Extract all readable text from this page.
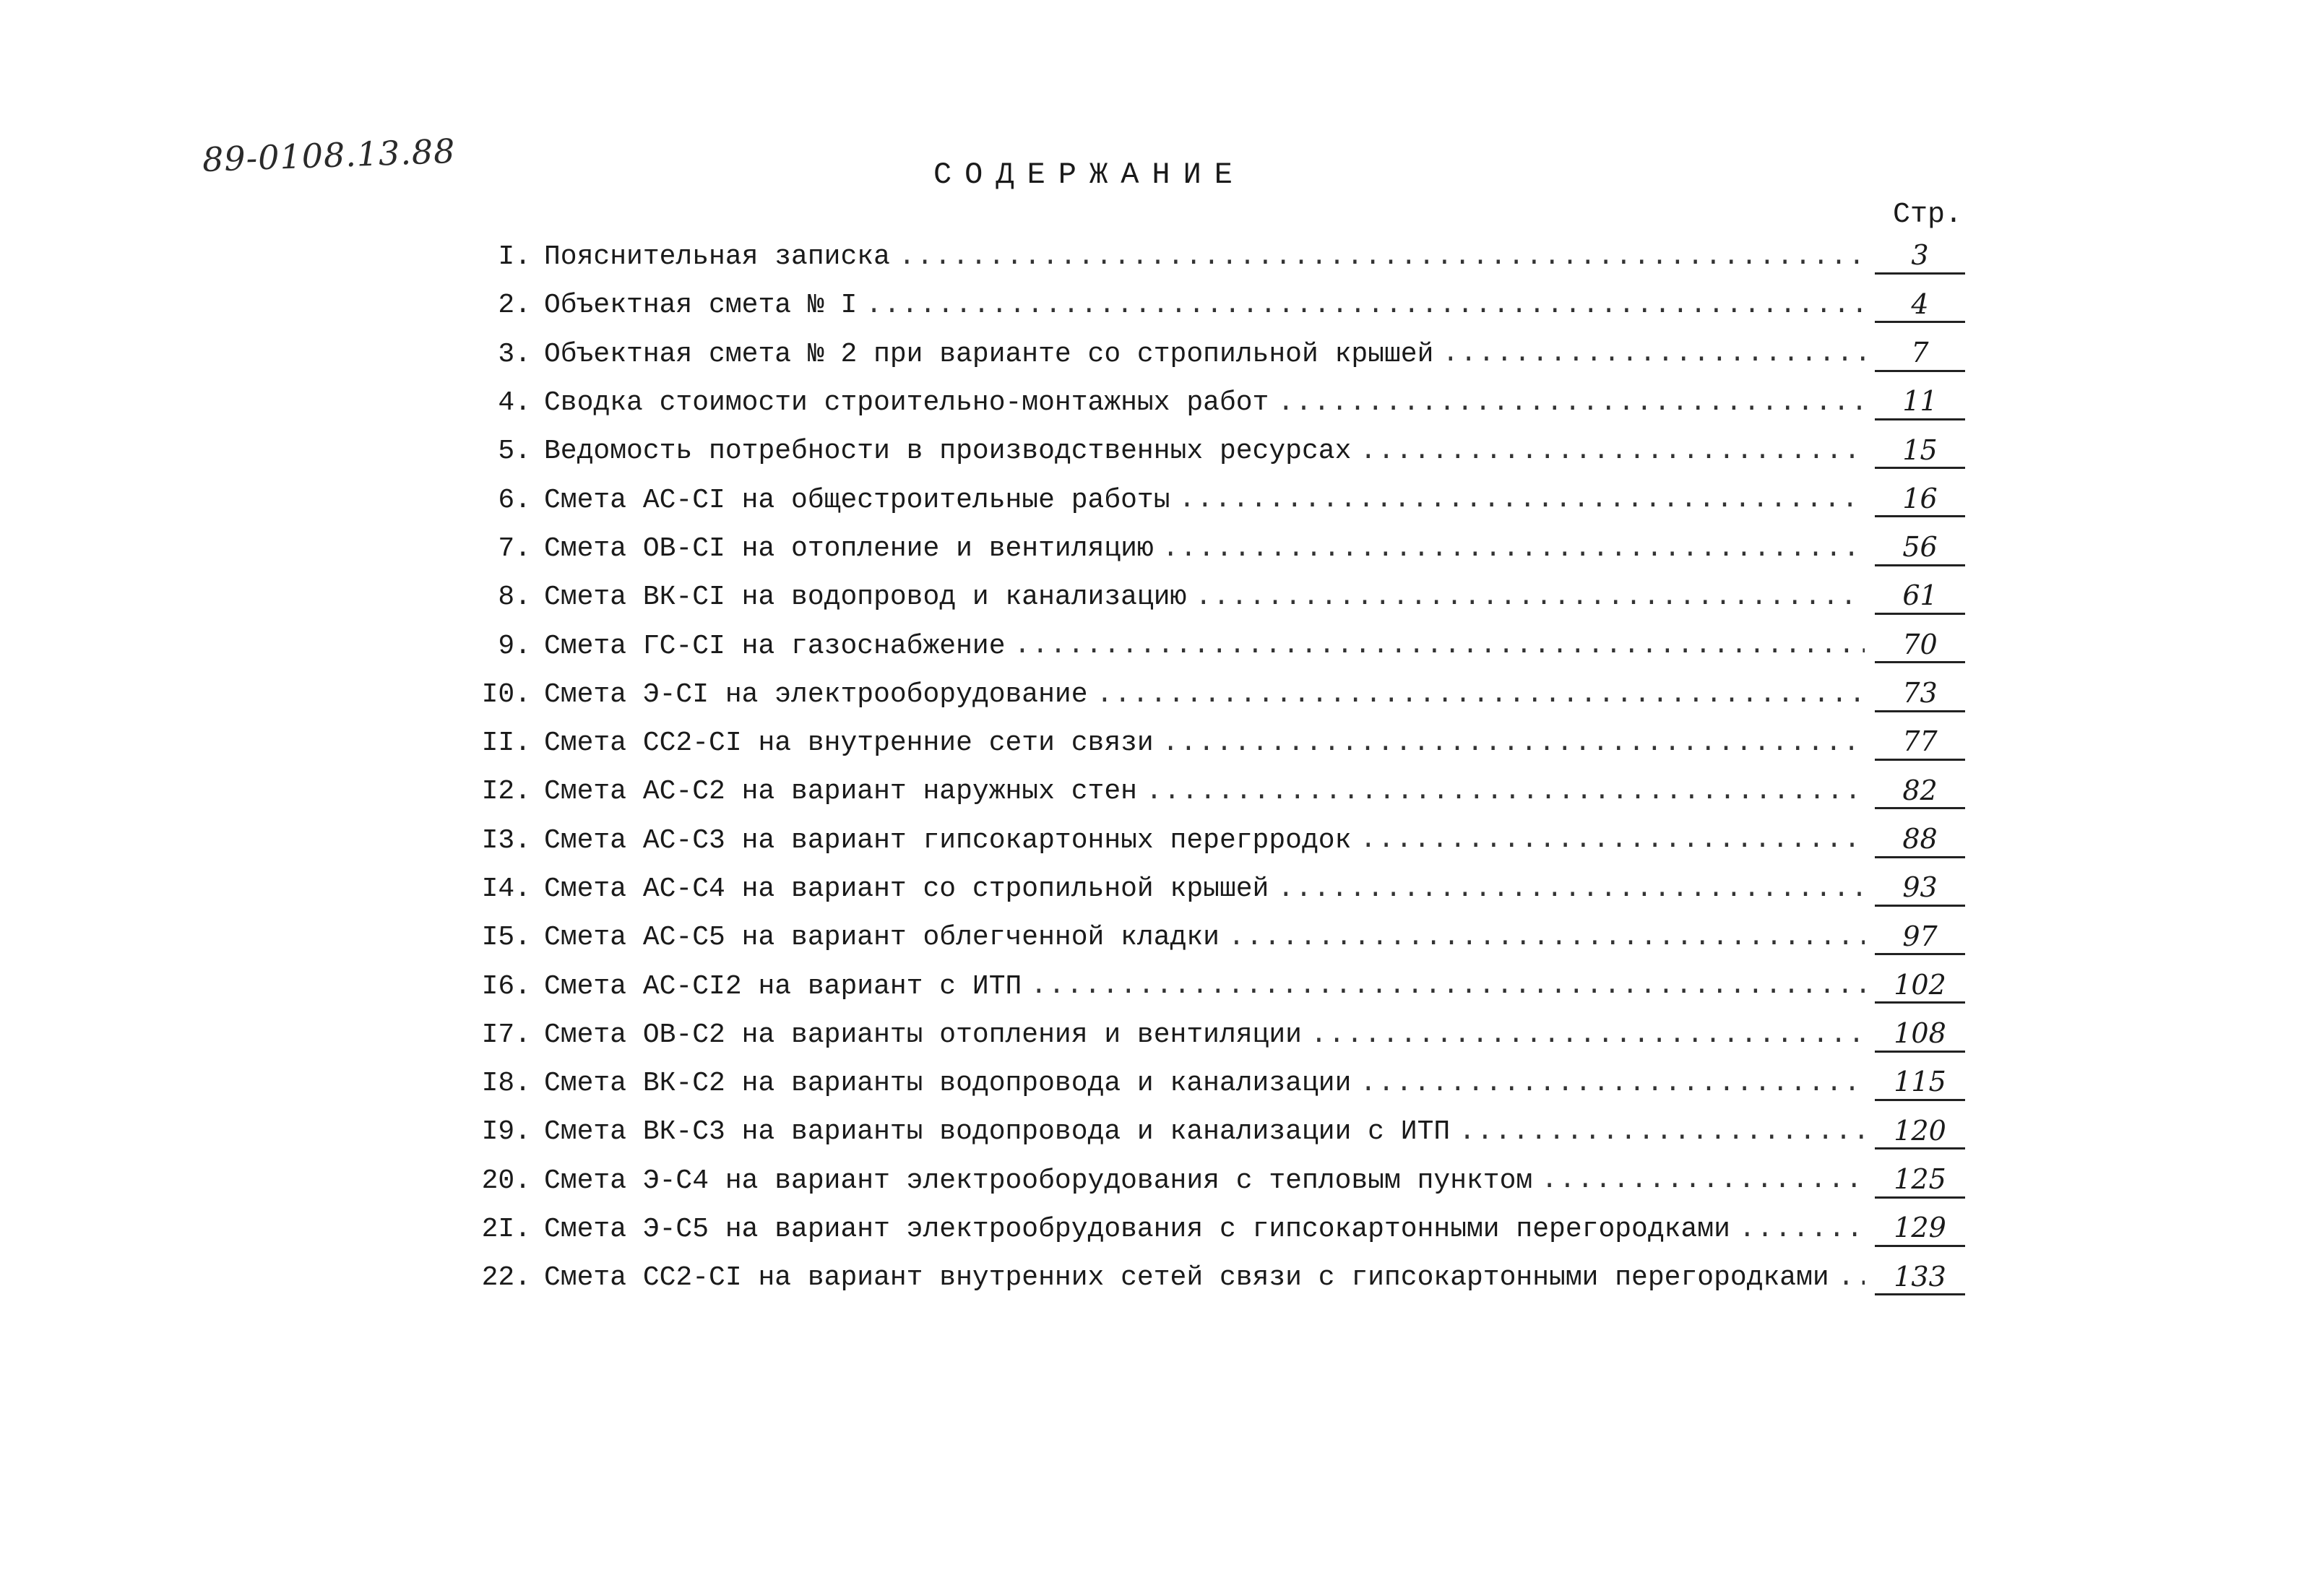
89-0108.13.88	СОДЕРЖАНИЕ
Стр.
I. Пояснительная записка .....	3
2. Объектная смета № I .....	4
3. Объектная смета № 2 при варианте со стропильной крышей .....	7
4. Сводка стоимости строительно-монтажных работ .....	11
5. Ведомость потребности в производственных ресурсах .....	15
6. Смета АС-СI на общестроительные работы .....	16
7. Смета ОВ-СI на отопление и вентиляцию .....	56
8. Смета ВК-СI на водопровод и канализацию .....	61
9. Смета ГС-СI на газоснабжение .....	70
I0. Смета Э-СI на электрооборудование .....	73
II. Смета СС2-СI на внутренние сети связи .....	77
I2. Смета АС-С2 на вариант наружных стен .....	82
I3. Смета АС-С3 на вариант гипсокартонных перегрродок .....	88
I4. Смета АС-С4 на вариант со стропильной крышей .....	93
I5. Смета АС-С5 на вариант облегченной кладки .....	97
I6. Смета АС-СI2 на вариант с ИТП .....	102
I7. Смета ОВ-С2 на варианты отопления и вентиляции .....	108
I8. Смета ВК-С2 на варианты водопровода и канализации .....	115
I9. Смета ВК-С3 на варианты водопровода и канализации с ИТП .....	120
20. Смета Э-С4 на вариант электрооборудования с тепловым пунктом .....	125
2I. Смета Э-С5 на вариант электрообрудования с гипсокартонными перегородками .....	129
22. Смета СС2-СI на вариант внутренних сетей связи с гипсокартонными перегородками .....	133
